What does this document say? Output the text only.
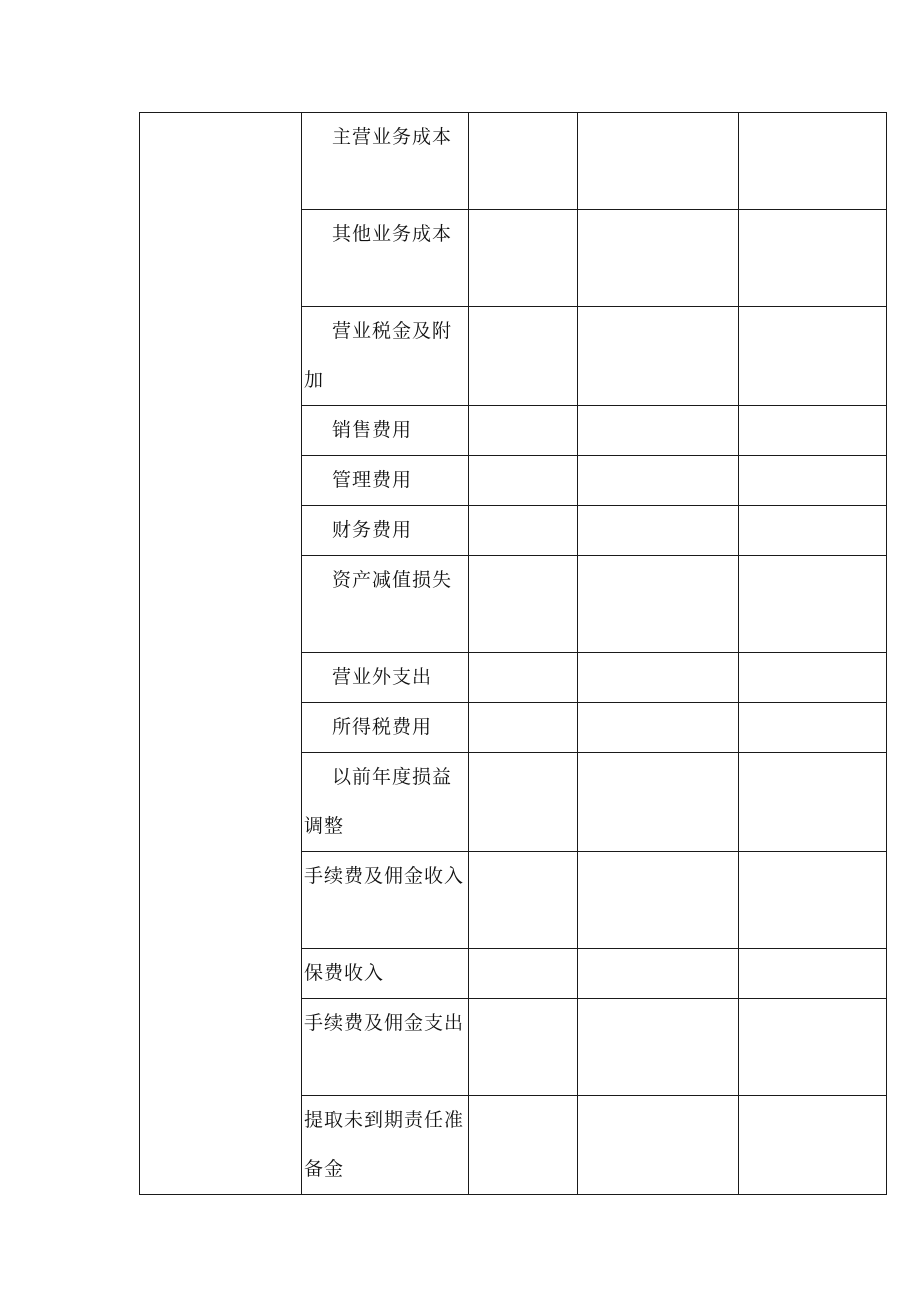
	主营业务成本			

	其他业务成本			

	营业税金及附加			

	销售费用			

	管理费用			

	财务费用			

	资产减值损失			

	营业外支出			

	所得税费用			

	以前年度损益调整			

	手续费及佣金收入			

	保费收入			

	手续费及佣金支出			

	提取未到期责任准备金			
